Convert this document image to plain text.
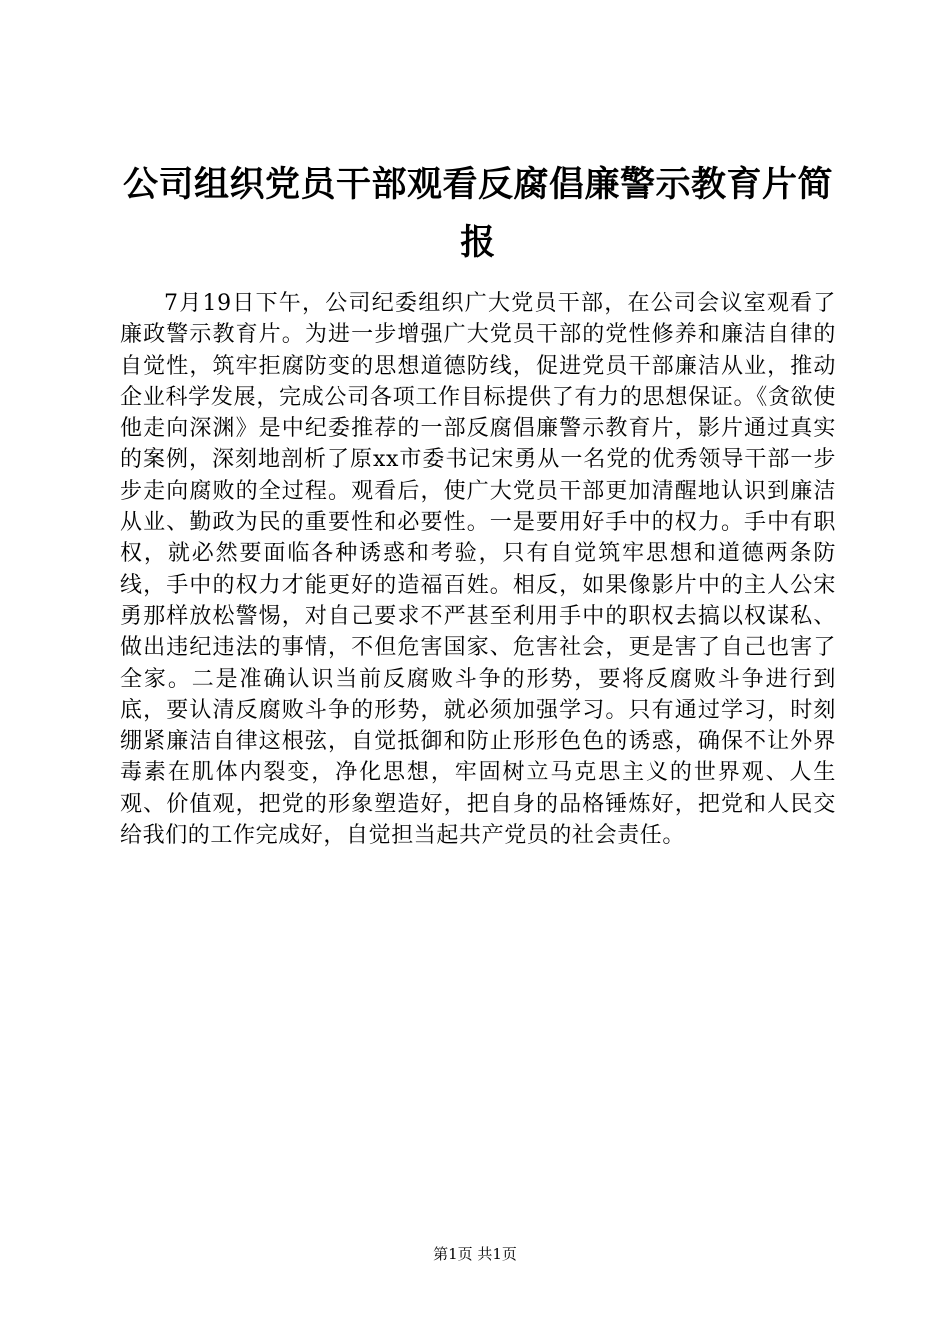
公司组织党员干部观看反腐倡廉警示教育片简报

7月19日下午，公司纪委组织广大党员干部，在公司会议室观看了廉政警示教育片。为进一步增强广大党员干部的党性修养和廉洁自律的自觉性，筑牢拒腐防变的思想道德防线，促进党员干部廉洁从业，推动企业科学发展，完成公司各项工作目标提供了有力的思想保证。《贪欲使他走向深渊》是中纪委推荐的一部反腐倡廉警示教育片，影片通过真实的案例，深刻地剖析了原xx市委书记宋勇从一名党的优秀领导干部一步步走向腐败的全过程。观看后，使广大党员干部更加清醒地认识到廉洁从业、勤政为民的重要性和必要性。一是要用好手中的权力。手中有职权，就必然要面临各种诱惑和考验，只有自觉筑牢思想和道德两条防线，手中的权力才能更好的造福百姓。相反，如果像影片中的主人公宋勇那样放松警惕，对自己要求不严甚至利用手中的职权去搞以权谋私、做出违纪违法的事情，不但危害国家、危害社会，更是害了自己也害了全家。二是准确认识当前反腐败斗争的形势，要将反腐败斗争进行到底，要认清反腐败斗争的形势，就必须加强学习。只有通过学习，时刻绷紧廉洁自律这根弦，自觉抵御和防止形形色色的诱惑，确保不让外界毒素在肌体内裂变，净化思想，牢固树立马克思主义的世界观、人生观、价值观，把党的形象塑造好，把自身的品格锤炼好，把党和人民交给我们的工作完成好，自觉担当起共产党员的社会责任。

第1页 共1页
